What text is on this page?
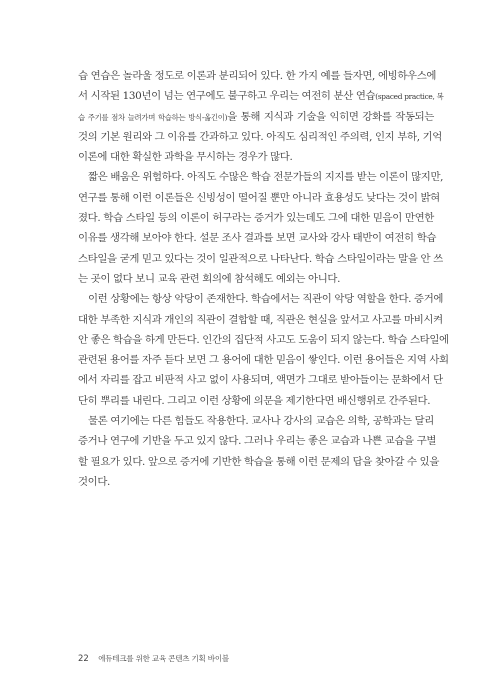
습 연습은 놀라울 정도로 이론과 분리되어 있다. 한 가지 예를 들자면, 에빙하우스에
서 시작된 130년이 넘는 연구에도 불구하고 우리는 여전히 분산 연습(spaced practice, 복
습 주기를 점차 늘려가며 학습하는 방식-옮긴이)을 통해 지식과 기술을 익히면 강화를 작동되는
것의 기본 원리와 그 이유를 간과하고 있다. 아직도 심리적인 주의력, 인지 부하, 기억
이론에 대한 확실한 과학을 무시하는 경우가 많다.
짧은 배움은 위험하다. 아직도 수많은 학습 전문가들의 지지를 받는 이론이 많지만,
연구를 통해 이런 이론들은 신빙성이 떨어질 뿐만 아니라 효용성도 낮다는 것이 밝혀
졌다. 학습 스타일 등의 이론이 허구라는 증거가 있는데도 그에 대한 믿음이 만연한
이유를 생각해 보아야 한다. 설문 조사 결과를 보면 교사와 강사 태반이 여전히 학습
스타일을 굳게 믿고 있다는 것이 일관적으로 나타난다. 학습 스타일이라는 말을 안 쓰
는 곳이 없다 보니 교육 관련 회의에 참석해도 예외는 아니다.
이런 상황에는 항상 악당이 존재한다. 학습에서는 직관이 악당 역할을 한다. 증거에
대한 부족한 지식과 개인의 직관이 결합할 때, 직관은 현실을 앞서고 사고를 마비시켜
안 좋은 학습을 하게 만든다. 인간의 집단적 사고도 도움이 되지 않는다. 학습 스타일에
관련된 용어를 자주 듣다 보면 그 용어에 대한 믿음이 쌓인다. 이런 용어들은 지역 사회
에서 자리를 잡고 비판적 사고 없이 사용되며, 액면가 그대로 받아들이는 문화에서 단
단히 뿌리를 내린다. 그리고 이런 상황에 의문을 제기한다면 배신행위로 간주된다.
물론 여기에는 다른 힘들도 작용한다. 교사나 강사의 교습은 의학, 공학과는 달리
증거나 연구에 기반을 두고 있지 않다. 그러나 우리는 좋은 교습과 나쁜 교습을 구별
할 필요가 있다. 앞으로 증거에 기반한 학습을 통해 이런 문제의 답을 찾아갈 수 있을
것이다.
22 에듀테크를 위한 교육 콘텐츠 기획 바이블
